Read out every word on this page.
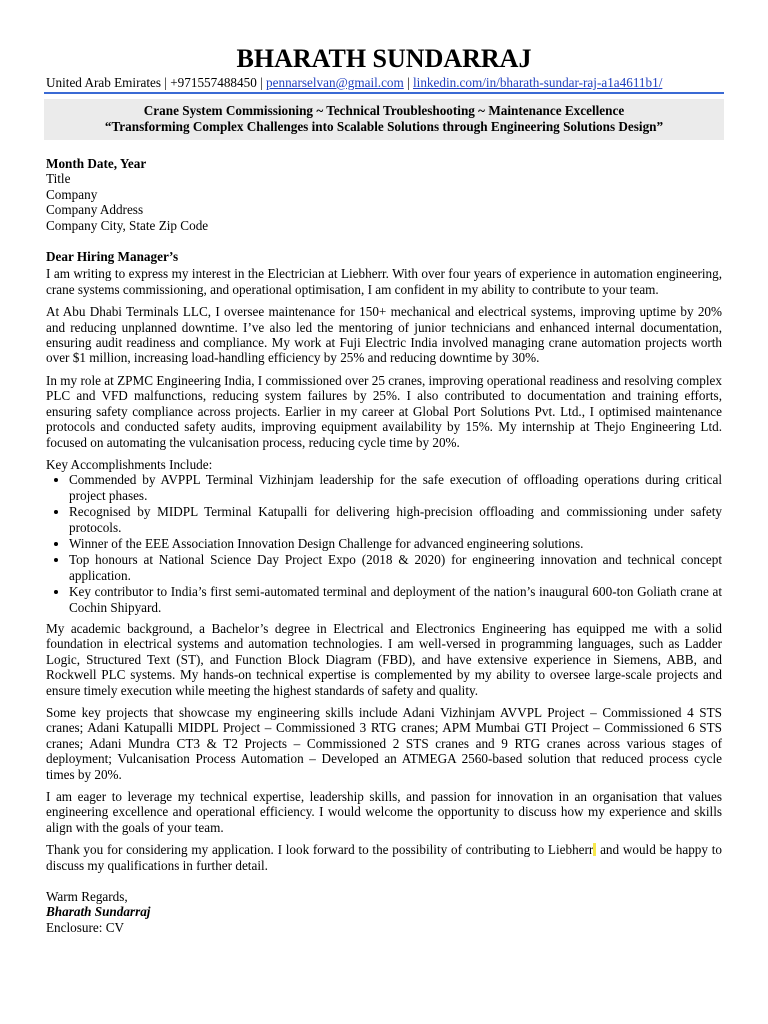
BHARATH SUNDARRAJ
United Arab Emirates | +971557488450 | pennarselvan@gmail.com | linkedin.com/in/bharath-sundar-raj-a1a4611b1/
Crane System Commissioning ~ Technical Troubleshooting ~ Maintenance Excellence
“Transforming Complex Challenges into Scalable Solutions through Engineering Solutions Design”
Month Date, Year
Title
Company
Company Address
Company City, State Zip Code
Dear Hiring Manager’s

I am writing to express my interest in the Electrician at Liebherr. With over four years of experience in automation engineering, crane systems commissioning, and operational optimisation, I am confident in my ability to contribute to your team.

At Abu Dhabi Terminals LLC, I oversee maintenance for 150+ mechanical and electrical systems, improving uptime by 20% and reducing unplanned downtime. I’ve also led the mentoring of junior technicians and enhanced internal documentation, ensuring audit readiness and compliance. My work at Fuji Electric India involved managing crane automation projects worth over $1 million, increasing load-handling efficiency by 25% and reducing downtime by 30%.

In my role at ZPMC Engineering India, I commissioned over 25 cranes, improving operational readiness and resolving complex PLC and VFD malfunctions, reducing system failures by 25%. I also contributed to documentation and training efforts, ensuring safety compliance across projects. Earlier in my career at Global Port Solutions Pvt. Ltd., I optimised maintenance protocols and conducted safety audits, improving equipment availability by 15%. My internship at Thejo Engineering Ltd. focused on automating the vulcanisation process, reducing cycle time by 20%.

Key Accomplishments Include:
• Commended by AVPPL Terminal Vizhinjam leadership for the safe execution of offloading operations during critical project phases.
• Recognised by MIDPL Terminal Katupalli for delivering high-precision offloading and commissioning under safety protocols.
• Winner of the EEE Association Innovation Design Challenge for advanced engineering solutions.
• Top honours at National Science Day Project Expo (2018 & 2020) for engineering innovation and technical concept application.
• Key contributor to India’s first semi-automated terminal and deployment of the nation’s inaugural 600-ton Goliath crane at Cochin Shipyard.

My academic background, a Bachelor’s degree in Electrical and Electronics Engineering has equipped me with a solid foundation in electrical systems and automation technologies. I am well-versed in programming languages, such as Ladder Logic, Structured Text (ST), and Function Block Diagram (FBD), and have extensive experience in Siemens, ABB, and Rockwell PLC systems. My hands-on technical expertise is complemented by my ability to oversee large-scale projects and ensure timely execution while meeting the highest standards of safety and quality.

Some key projects that showcase my engineering skills include Adani Vizhinjam AVVPL Project – Commissioned 4 STS cranes; Adani Katupalli MIDPL Project – Commissioned 3 RTG cranes; APM Mumbai GTI Project – Commissioned 6 STS cranes; Adani Mundra CT3 & T2 Projects – Commissioned 2 STS cranes and 9 RTG cranes across various stages of deployment; Vulcanisation Process Automation – Developed an ATMEGA 2560-based solution that reduced process cycle times by 20%.

I am eager to leverage my technical expertise, leadership skills, and passion for innovation in an organisation that values engineering excellence and operational efficiency. I would welcome the opportunity to discuss how my experience and skills align with the goals of your team.

Thank you for considering my application. I look forward to the possibility of contributing to Liebherr and would be happy to discuss my qualifications in further detail.

Warm Regards,
Bharath Sundarraj
Enclosure: CV
